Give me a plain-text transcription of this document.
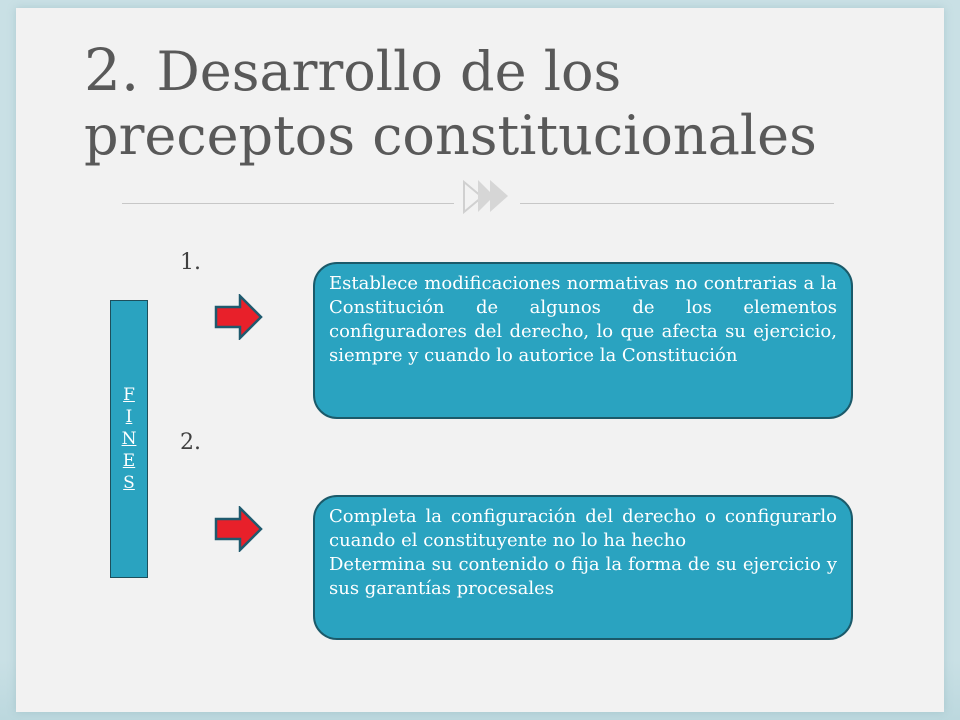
2. Desarrollo de los preceptos constitucionales
1.
2.
F
I
N
E
S

Establece modificaciones normativas no contrarias a la Constitución de algunos de los elementos configuradores del derecho, lo que afecta su ejercicio, siempre y cuando lo autorice la Constitución

Completa la configuración del derecho o configurarlo cuando el constituyente no lo ha hecho

Determina su contenido o fija la forma de su ejercicio y sus garantías procesales
